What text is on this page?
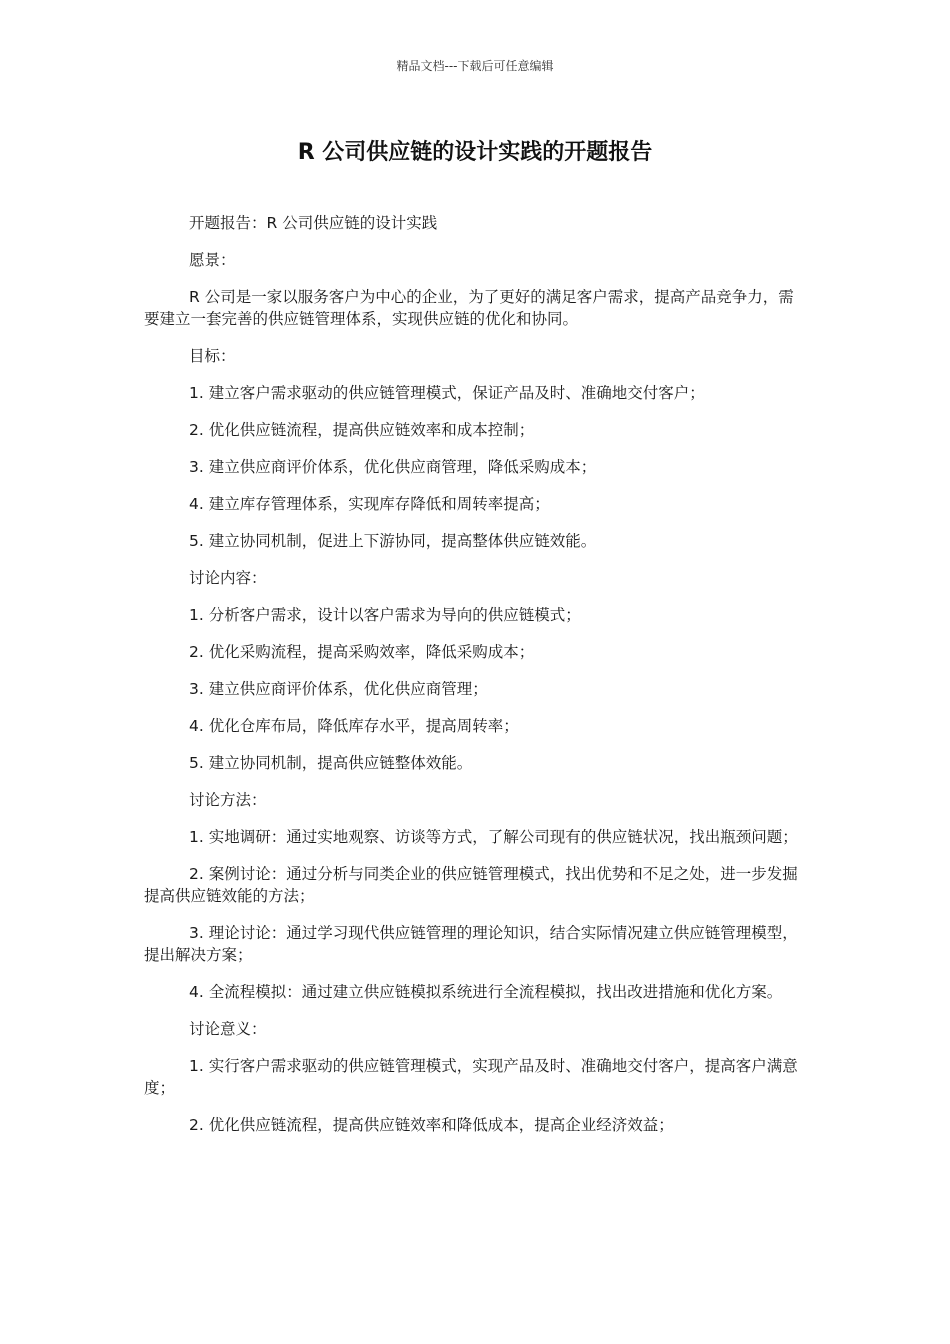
精品文档---下载后可任意编辑
R 公司供应链的设计实践的开题报告

开题报告：R 公司供应链的设计实践

愿景：

R 公司是一家以服务客户为中心的企业，为了更好的满足客户需求，提高产品竞争力，需要建立一套完善的供应链管理体系，实现供应链的优化和协同。

目标：

1. 建立客户需求驱动的供应链管理模式，保证产品及时、准确地交付客户；

2. 优化供应链流程，提高供应链效率和成本控制；

3. 建立供应商评价体系，优化供应商管理，降低采购成本；

4. 建立库存管理体系，实现库存降低和周转率提高；

5. 建立协同机制，促进上下游协同，提高整体供应链效能。

讨论内容：

1. 分析客户需求，设计以客户需求为导向的供应链模式；

2. 优化采购流程，提高采购效率，降低采购成本；

3. 建立供应商评价体系，优化供应商管理；

4. 优化仓库布局，降低库存水平，提高周转率；

5. 建立协同机制，提高供应链整体效能。

讨论方法：

1. 实地调研：通过实地观察、访谈等方式，了解公司现有的供应链状况，找出瓶颈问题；

2. 案例讨论：通过分析与同类企业的供应链管理模式，找出优势和不足之处，进一步发掘提高供应链效能的方法；

3. 理论讨论：通过学习现代供应链管理的理论知识，结合实际情况建立供应链管理模型，提出解决方案；

4. 全流程模拟：通过建立供应链模拟系统进行全流程模拟，找出改进措施和优化方案。

讨论意义：

1. 实行客户需求驱动的供应链管理模式，实现产品及时、准确地交付客户，提高客户满意度；

2. 优化供应链流程，提高供应链效率和降低成本，提高企业经济效益；
